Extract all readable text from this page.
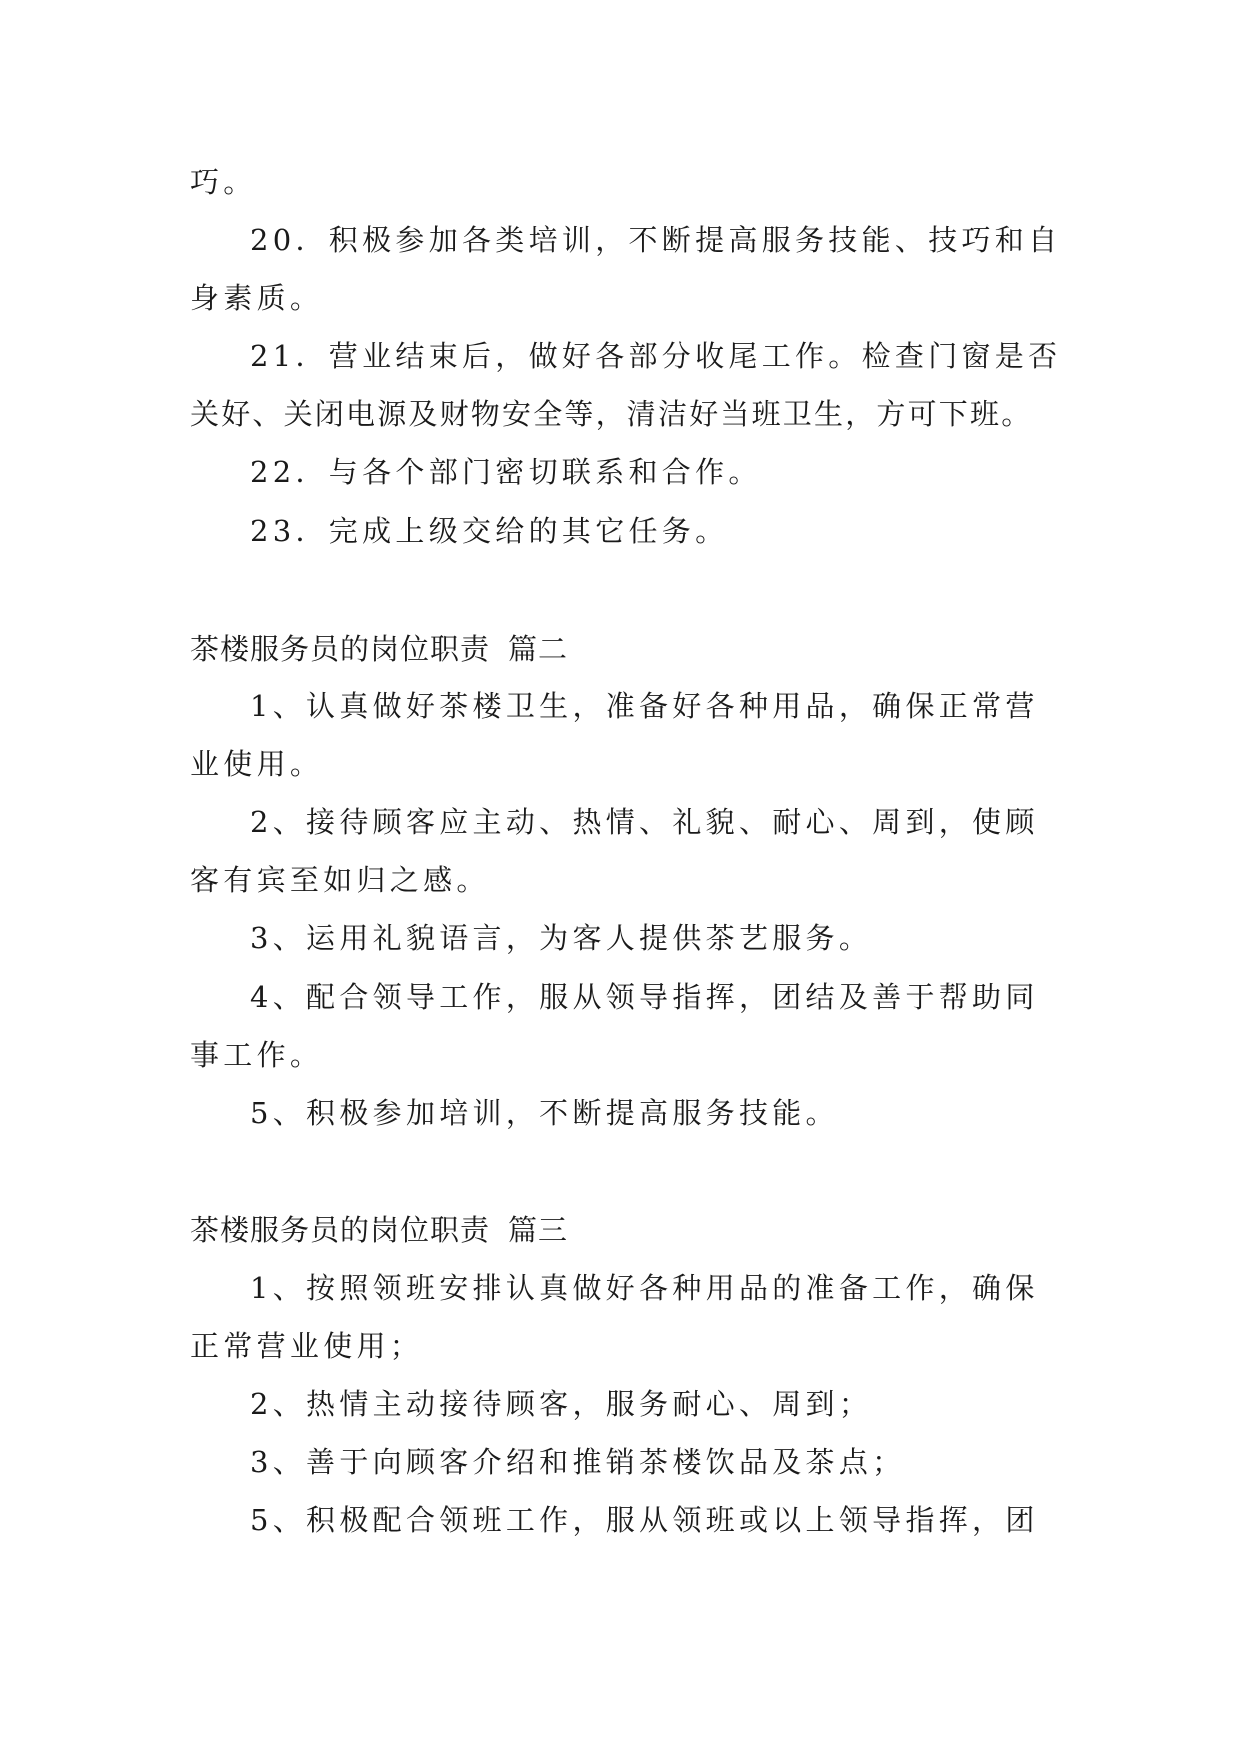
巧。
20．积极参加各类培训，不断提高服务技能、技巧和自
身素质。
21．营业结束后，做好各部分收尾工作。检查门窗是否
关好、关闭电源及财物安全等，清洁好当班卫生，方可下班。
22．与各个部门密切联系和合作。
23．完成上级交给的其它任务。
茶楼服务员的岗位职责 篇二
1、认真做好茶楼卫生，准备好各种用品，确保正常营
业使用。
2、接待顾客应主动、热情、礼貌、耐心、周到，使顾
客有宾至如归之感。
3、运用礼貌语言，为客人提供茶艺服务。
4、配合领导工作，服从领导指挥，团结及善于帮助同
事工作。
5、积极参加培训，不断提高服务技能。
茶楼服务员的岗位职责 篇三
1、按照领班安排认真做好各种用品的准备工作，确保
正常营业使用；
2、热情主动接待顾客，服务耐心、周到；
3、善于向顾客介绍和推销茶楼饮品及茶点；
5、积极配合领班工作，服从领班或以上领导指挥，团
